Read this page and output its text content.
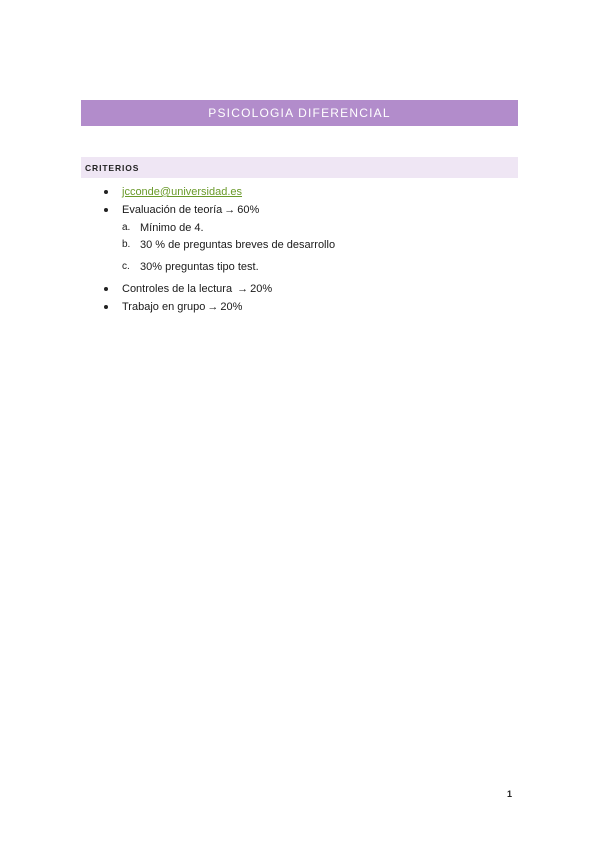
PSICOLOGIA DIFERENCIAL
CRITERIOS
jcconde@universidad.es
Evaluación de teoría → 60%
a. Mínimo de 4.
b. 30 % de preguntas breves de desarrollo
c. 30% preguntas tipo test.
Controles de la lectura → 20%
Trabajo en grupo → 20%
1
